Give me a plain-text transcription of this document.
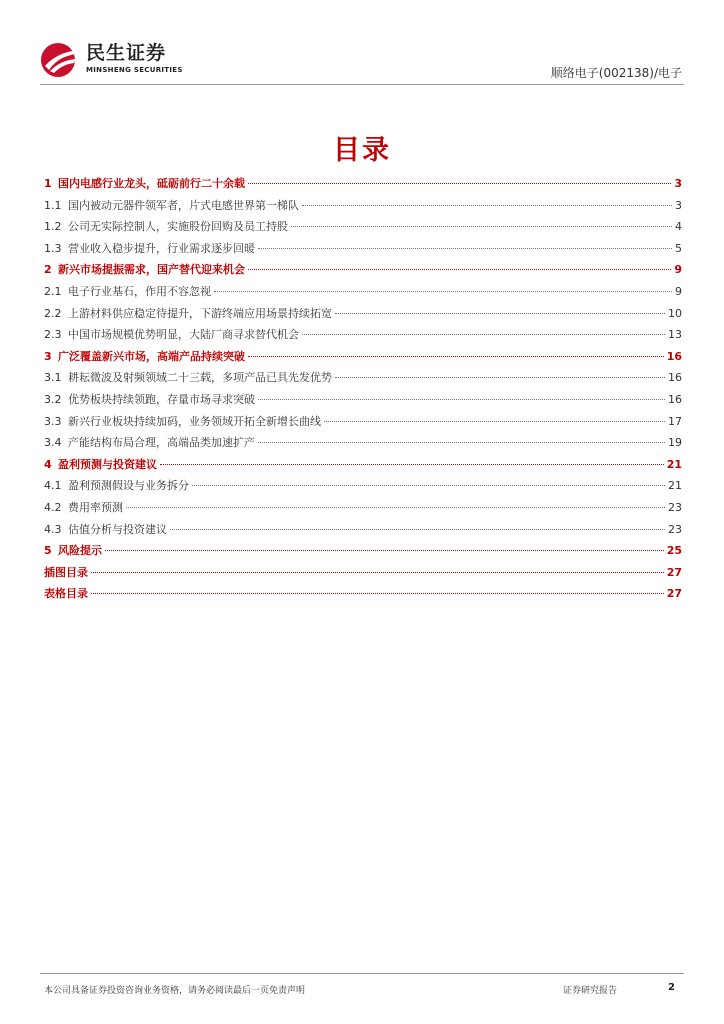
民生证券
MINSHENG SECURITIES	顺络电子(002138)/电子
目录
1 国内电感行业龙头，砥砺前行二十余载	3
1.1 国内被动元器件领军者，片式电感世界第一梯队	3
1.2 公司无实际控制人，实施股份回购及员工持股	4
1.3 营业收入稳步提升，行业需求逐步回暖	5
2 新兴市场提振需求，国产替代迎来机会	9
2.1 电子行业基石，作用不容忽视	9
2.2 上游材料供应稳定待提升，下游终端应用场景持续拓宽	10
2.3 中国市场规模优势明显，大陆厂商寻求替代机会	13
3 广泛覆盖新兴市场，高端产品持续突破	16
3.1 耕耘微波及射频领域二十三载，多项产品已具先发优势	16
3.2 优势板块持续领跑，存量市场寻求突破	16
3.3 新兴行业板块持续加码，业务领域开拓全新增长曲线	17
3.4 产能结构布局合理，高端品类加速扩产	19
4 盈利预测与投资建议	21
4.1 盈利预测假设与业务拆分	21
4.2 费用率预测	23
4.3 估值分析与投资建议	23
5 风险提示	25
插图目录	27
表格目录	27
本公司具备证券投资咨询业务资格，请务必阅读最后一页免责声明	证券研究报告	2
